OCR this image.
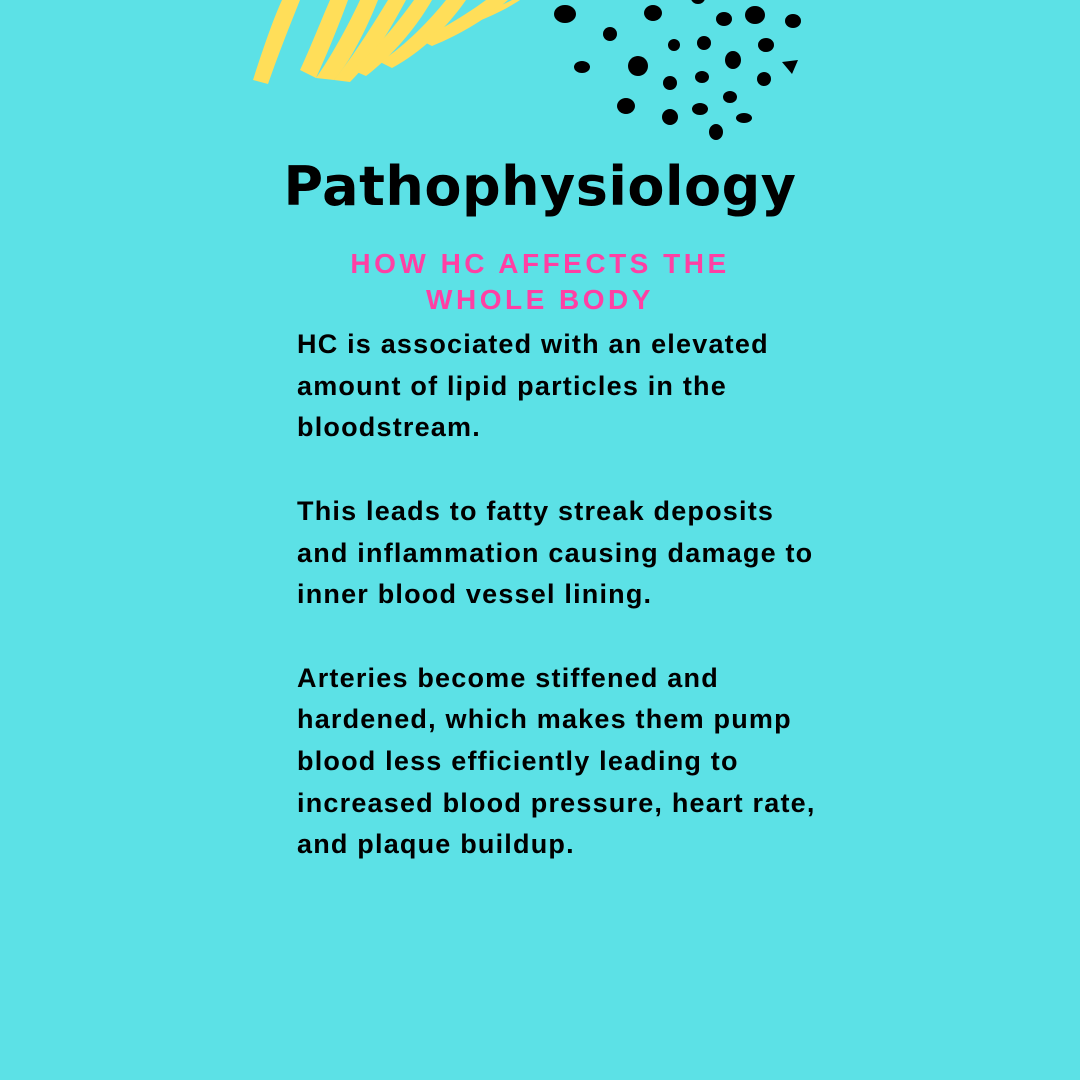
Pathophysiology
HOW HC AFFECTS THE WHOLE BODY

HC is associated with an elevated amount of lipid particles in the bloodstream.

This leads to fatty streak deposits and inflammation causing damage to inner blood vessel lining.

Arteries become stiffened and hardened, which makes them pump blood less efficiently leading to increased blood pressure, heart rate, and plaque buildup.
